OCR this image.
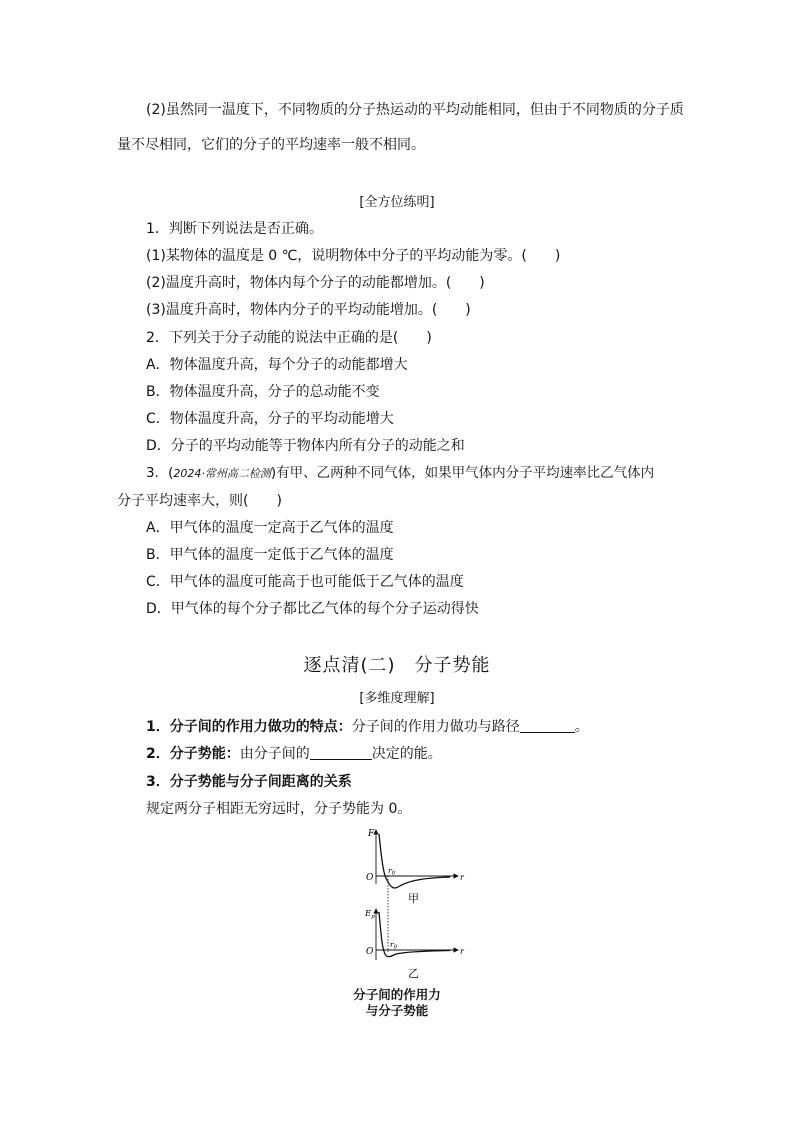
(2)虽然同一温度下，不同物质的分子热运动的平均动能相同，但由于不同物质的分子质
量不尽相同，它们的分子的平均速率一般不相同。
[全方位练明]
1．判断下列说法是否正确。
(1)某物体的温度是 0 ℃，说明物体中分子的平均动能为零。(　　)
(2)温度升高时，物体内每个分子的动能都增加。(　　)
(3)温度升高时，物体内分子的平均动能增加。(　　)
2．下列关于分子动能的说法中正确的是(　　)
A．物体温度升高，每个分子的动能都增大
B．物体温度升高，分子的总动能不变
C．物体温度升高，分子的平均动能增大
D．分子的平均动能等于物体内所有分子的动能之和
3．(2024·常州高二检测)有甲、乙两种不同气体，如果甲气体内分子平均速率比乙气体内
分子平均速率大，则(　　)
A．甲气体的温度一定高于乙气体的温度
B．甲气体的温度一定低于乙气体的温度
C．甲气体的温度可能高于也可能低于乙气体的温度
D．甲气体的每个分子都比乙气体的每个分子运动得快
逐点清(二)　分子势能
[多维度理解]
1．分子间的作用力做功的特点：分子间的作用力做功与路径	。
2．分子势能：由分子间的	决定的能。
3．分子势能与分子间距离的关系
规定两分子相距无穷远时，分子势能为 0。
F
O	r
$r_0$
甲
$E_p$
O	r
$r_0$
乙
分子间的作用力
与分子势能
